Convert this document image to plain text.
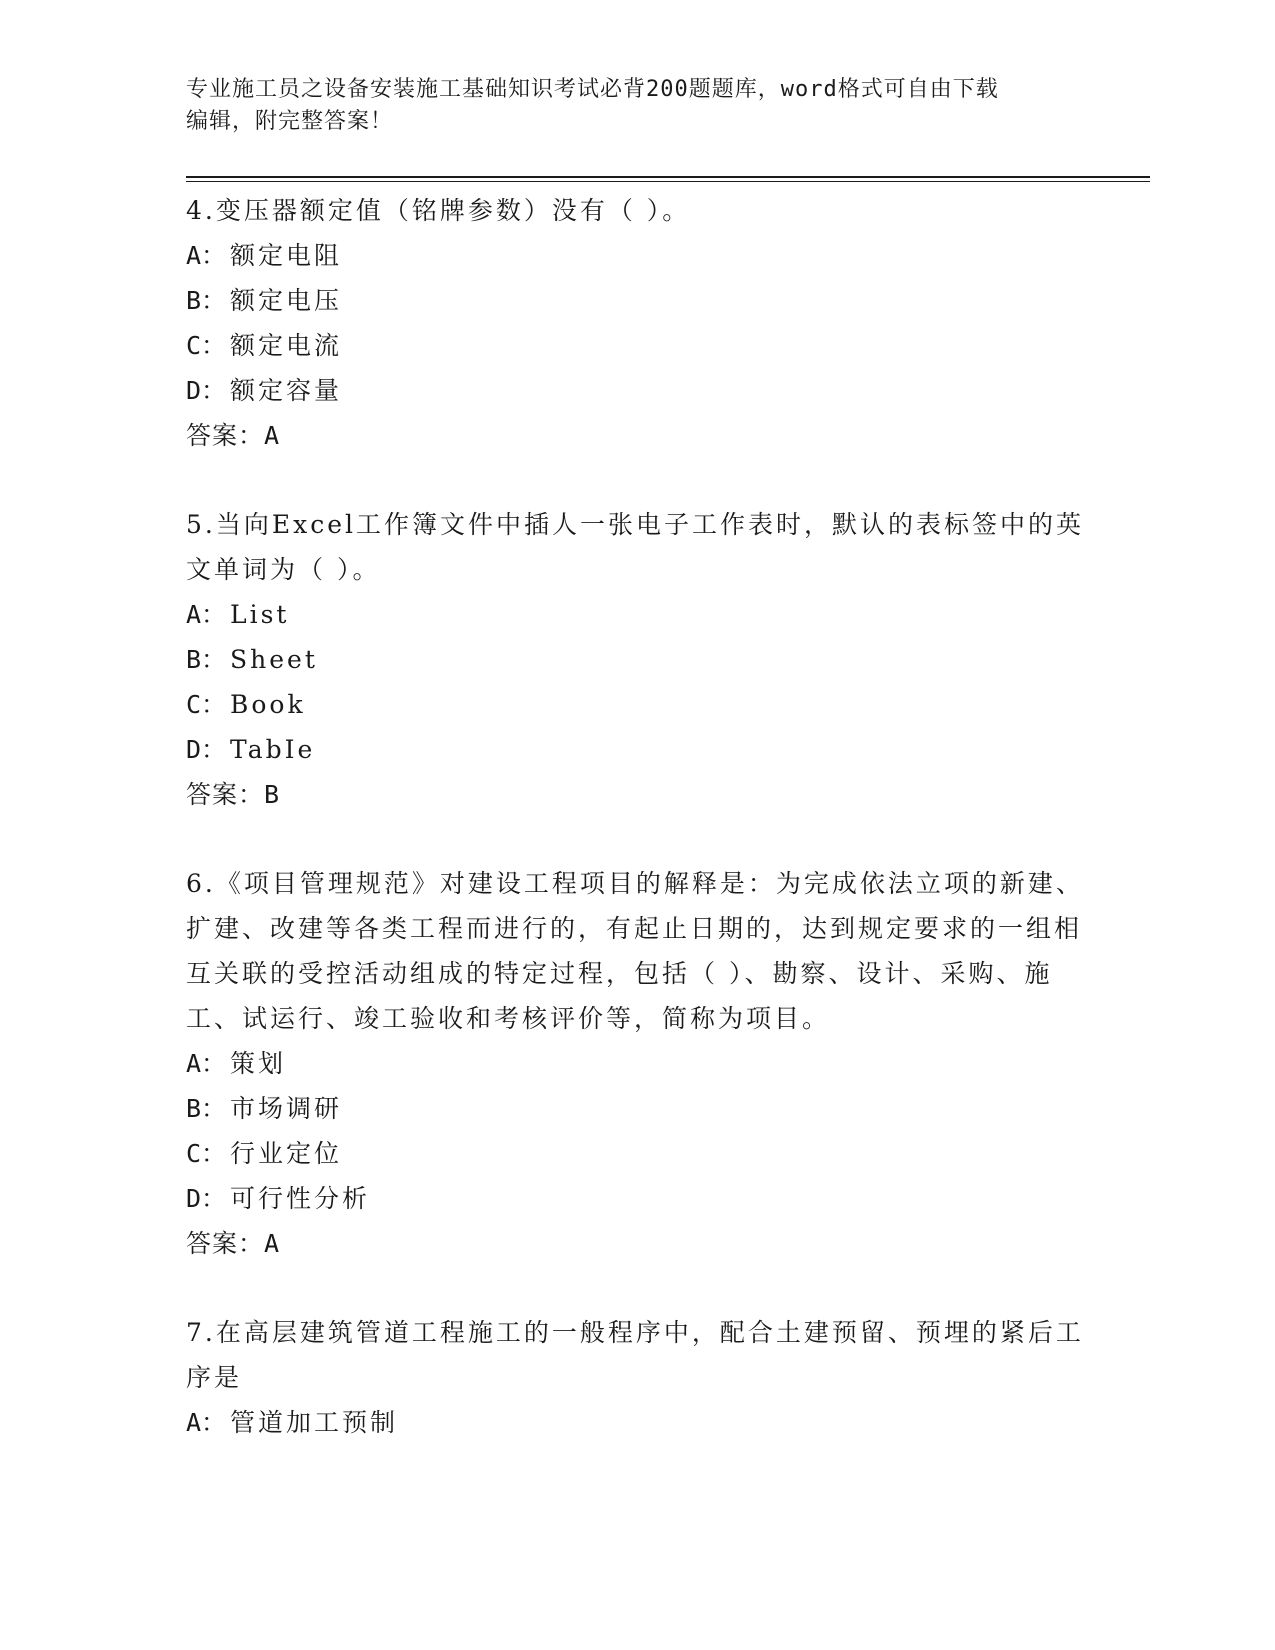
专业施工员之设备安装施工基础知识考试必背200题题库，word格式可自由下载
编辑，附完整答案！

4.变压器额定值（铭牌参数）没有（ ）。

A： 额定电阻
B： 额定电压
C： 额定电流
D： 额定容量

答案：A

5.当向Excel工作簿文件中插人一张电子工作表时，默认的表标签中的英文单词为（ ）。

A： List
B： Sheet
C： Book
D： TabIe

答案：B

6.《项目管理规范》对建设工程项目的解释是：为完成依法立项的新建、扩建、改建等各类工程而进行的，有起止日期的，达到规定要求的一组相互关联的受控活动组成的特定过程，包括（ ）、勘察、设计、采购、施工、试运行、竣工验收和考核评价等，简称为项目。

A： 策划
B： 市场调研
C： 行业定位
D： 可行性分析

答案：A

7.在高层建筑管道工程施工的一般程序中，配合土建预留、预埋的紧后工序是

A： 管道加工预制
